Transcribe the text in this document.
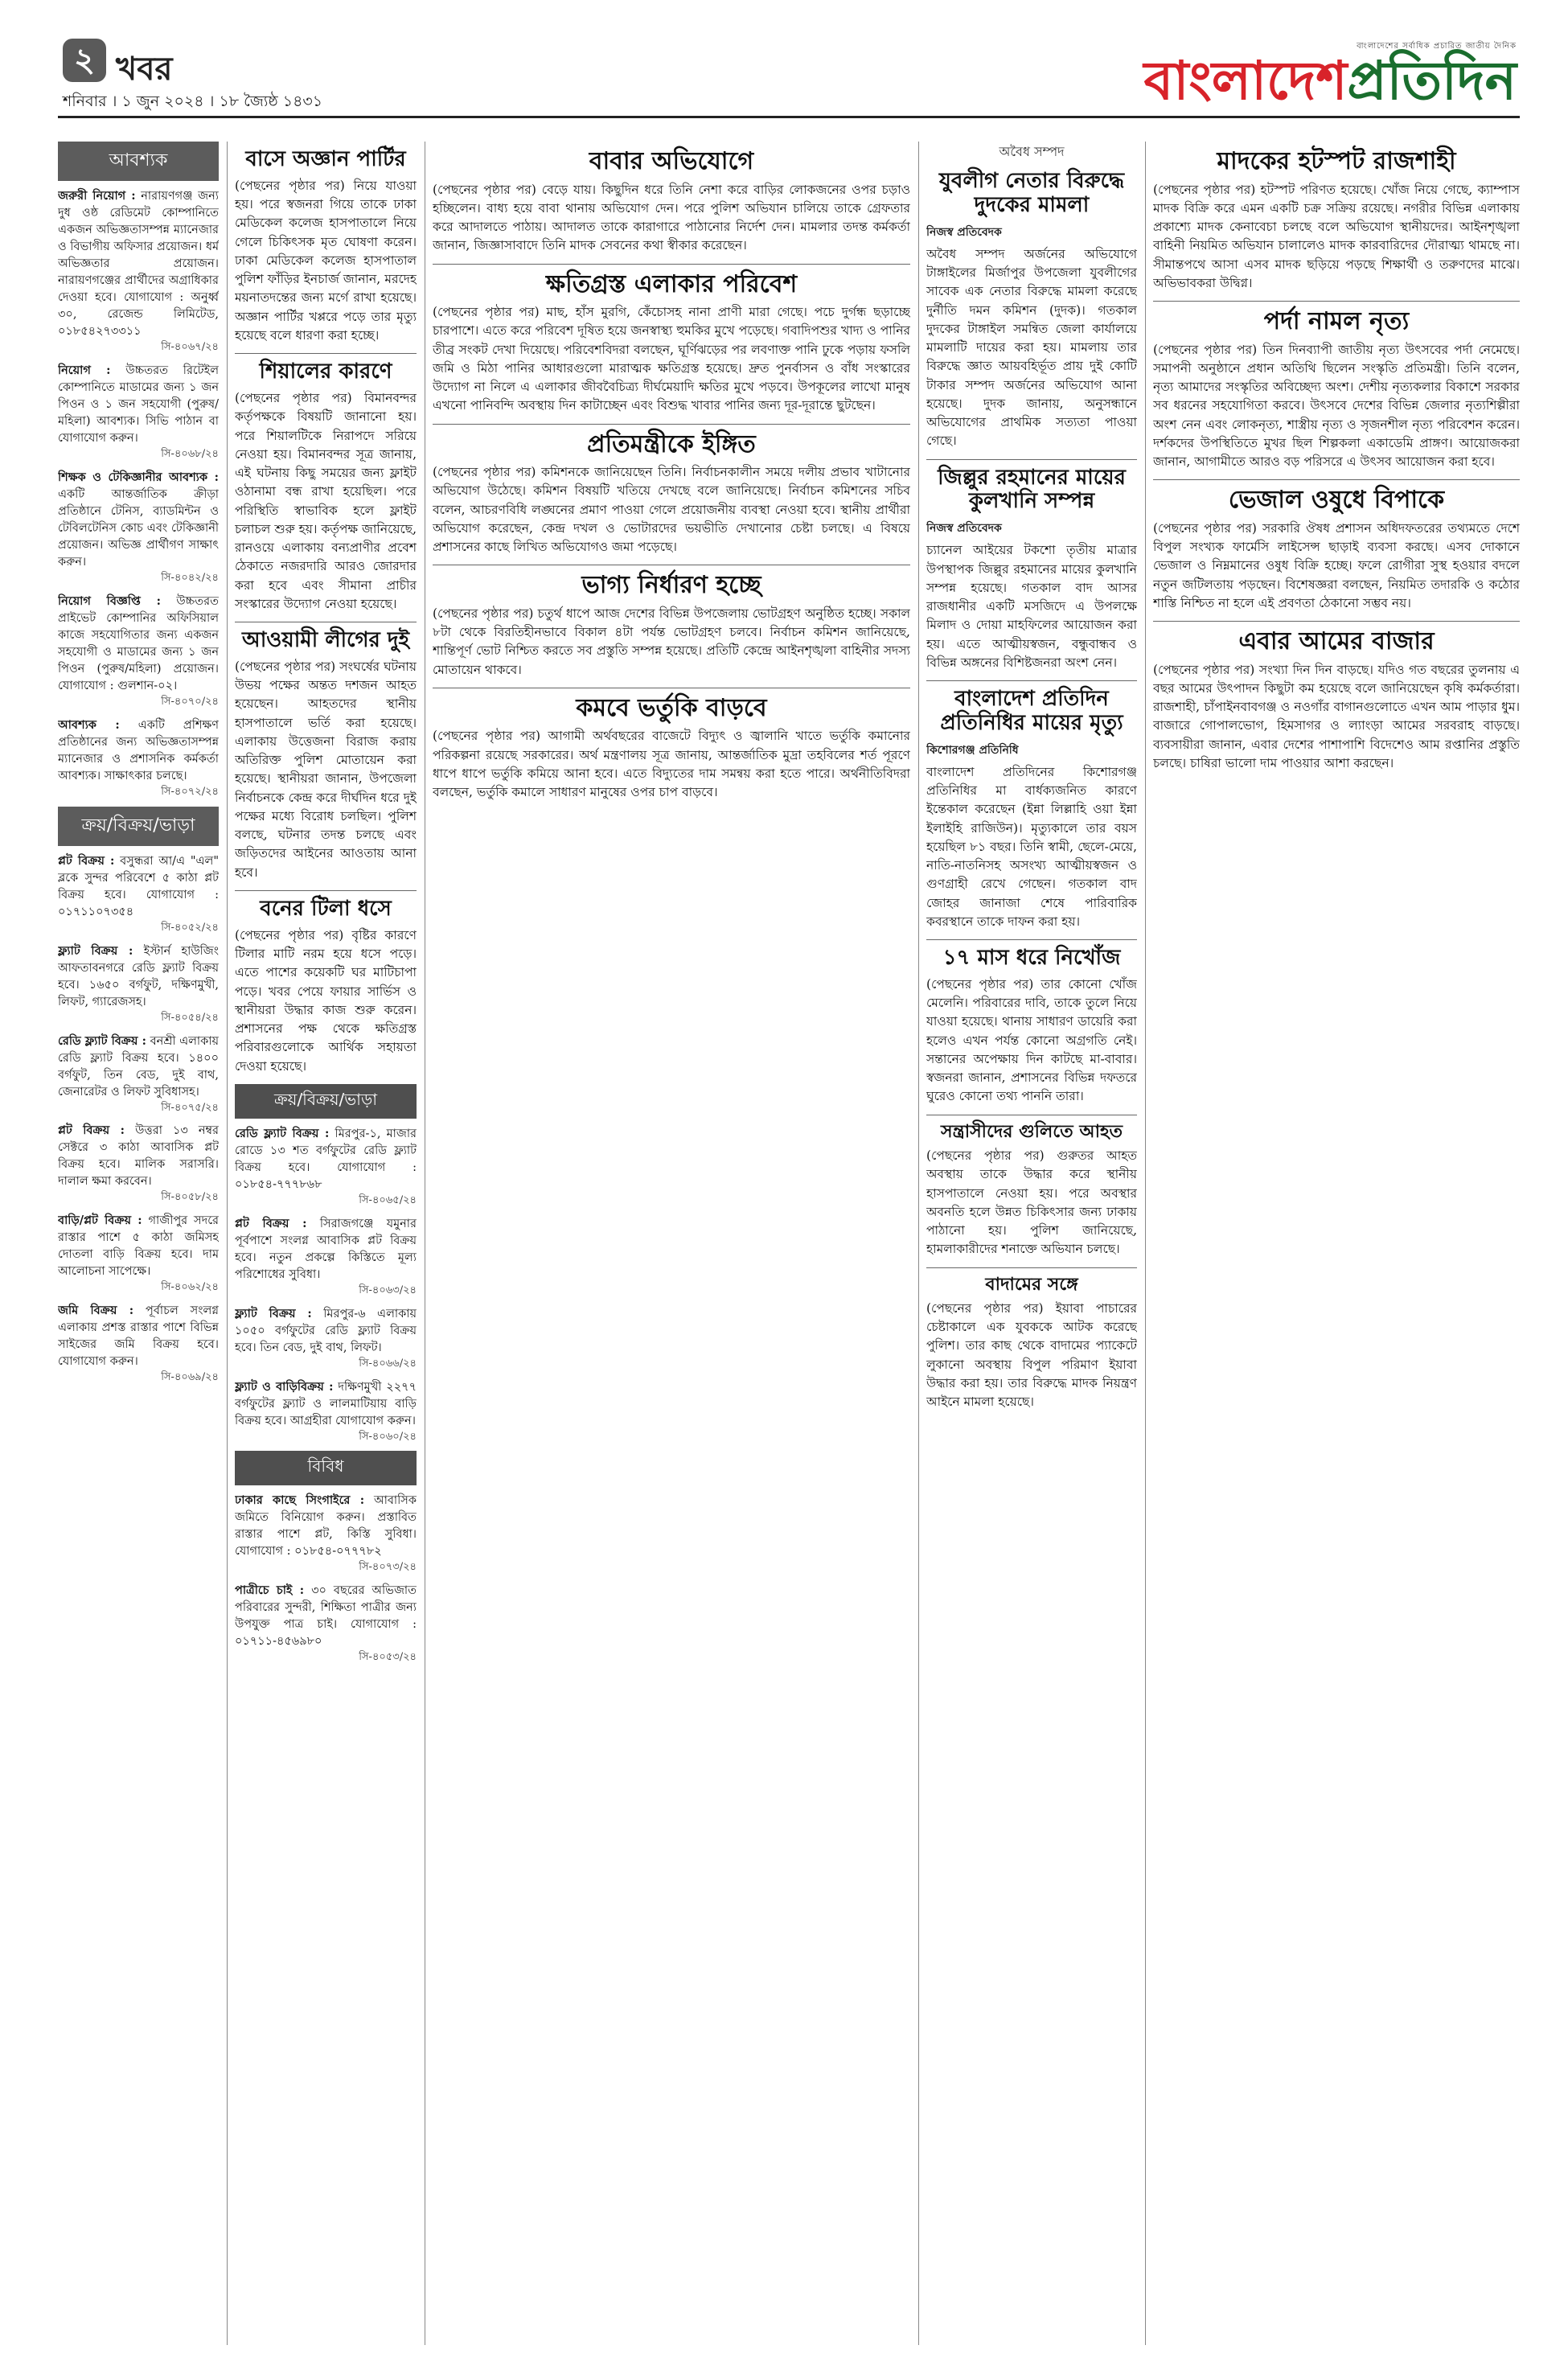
২ খবর
শনিবার । ১ জুন ২০২৪ । ১৮ জ্যৈষ্ঠ ১৪৩১
বাংলাদেশের সর্বাধিক প্রচারিত জাতীয় দৈনিক
বাংলাদেশপ্রতিদিন
আবশ্যক

জরুরী নিয়োগ : নারায়ণগঞ্জ জন্য দুধ ওষ্ঠ রেডিমেট কোম্পানিতে একজন অভিজ্ঞতাসম্পন্ন ম্যানেজার ও বিভাগীয় অফিসার প্রয়োজন। ধর্ম অভিজ্ঞতার প্রয়োজন। নারায়ণগঞ্জের প্রার্থীদের অগ্রাধিকার দেওয়া হবে। যোগাযোগ : অনুর্ধ্ব ৩০, রেজেন্ড লিমিটেড, ০১৮৫৪২৭৩৩১১
সি-৪০৬৭/২৪

নিয়োগ : উচ্চতরত রিটেইল কোম্পানিতে মাডামের জন্য ১ জন পিওন ও ১ জন সহযোগী (পুরুষ/মহিলা) আবশ্যক। সিভি পাঠান বা যোগাযোগ করুন।
সি-৪০৬৮/২৪

শিক্ষক ও টেকিজ্ঞানীর আবশ্যক : একটি আন্তর্জাতিক ক্রীড়া প্রতিষ্ঠানে টেনিস, ব্যাডমিন্টন ও টেবিলটেনিস কোচ এবং টেকিজ্ঞানী প্রয়োজন। অভিজ্ঞ প্রার্থীগণ সাক্ষাৎ করুন।
সি-৪০৪২/২৪

নিয়োগ বিজ্ঞপ্তি : উচ্চতরত প্রাইভেট কোম্পানির অফিসিয়াল কাজে সহযোগিতার জন্য একজন সহযোগী ও মাডামের জন্য ১ জন পিওন (পুরুষ/মহিলা) প্রয়োজন। যোগাযোগ : গুলশান-০২।
সি-৪০৭০/২৪

আবশ্যক : একটি প্রশিক্ষণ প্রতিষ্ঠানের জন্য অভিজ্ঞতাসম্পন্ন ম্যানেজার ও প্রশাসনিক কর্মকর্তা আবশ্যক। সাক্ষাৎকার চলছে।
সি-৪০৭২/২৪

ক্রয়/বিক্রয়/ভাড়া

প্লট বিক্রয় : বসুন্ধরা আ/এ "এল" ব্লকে সুন্দর পরিবেশে ৫ কাঠা প্লট বিক্রয় হবে। যোগাযোগ : ০১৭১১০৭৩৫৪
সি-৪০৫২/২৪

ফ্ল্যাট বিক্রয় : ইস্টার্ন হাউজিং আফতাবনগরে রেডি ফ্ল্যাট বিক্রয় হবে। ১৬৫০ বর্গফুট, দক্ষিণমুখী, লিফট, গ্যারেজসহ।
সি-৪০৫৪/২৪

রেডি ফ্ল্যাট বিক্রয় : বনশ্রী এলাকায় রেডি ফ্ল্যাট বিক্রয় হবে। ১৪০০ বর্গফুট, তিন বেড, দুই বাথ, জেনারেটর ও লিফট সুবিধাসহ।
সি-৪০৭৫/২৪

প্লট বিক্রয় : উত্তরা ১৩ নম্বর সেক্টরে ৩ কাঠা আবাসিক প্লট বিক্রয় হবে। মালিক সরাসরি। দালাল ক্ষমা করবেন।
সি-৪০৫৮/২৪

বাড়ি/প্লট বিক্রয় : গাজীপুর সদরে রাস্তার পাশে ৫ কাঠা জমিসহ দোতলা বাড়ি বিক্রয় হবে। দাম আলোচনা সাপেক্ষে।
সি-৪০৬২/২৪

জমি বিক্রয় : পূর্বাচল সংলগ্ন এলাকায় প্রশস্ত রাস্তার পাশে বিভিন্ন সাইজের জমি বিক্রয় হবে। যোগাযোগ করুন।
সি-৪০৬৯/২৪

বাসে অজ্ঞান পার্টির

(পেছনের পৃষ্ঠার পর) নিয়ে যাওয়া হয়। পরে স্বজনরা গিয়ে তাকে ঢাকা মেডিকেল কলেজ হাসপাতালে নিয়ে গেলে চিকিৎসক মৃত ঘোষণা করেন। ঢাকা মেডিকেল কলেজ হাসপাতাল পুলিশ ফাঁড়ির ইনচার্জ জানান, মরদেহ ময়নাতদন্তের জন্য মর্গে রাখা হয়েছে। অজ্ঞান পার্টির খপ্পরে পড়ে তার মৃত্যু হয়েছে বলে ধারণা করা হচ্ছে।

শিয়ালের কারণে

(পেছনের পৃষ্ঠার পর) বিমানবন্দর কর্তৃপক্ষকে বিষয়টি জানানো হয়। পরে শিয়ালটিকে নিরাপদে সরিয়ে নেওয়া হয়। বিমানবন্দর সূত্র জানায়, এই ঘটনায় কিছু সময়ের জন্য ফ্লাইট ওঠানামা বন্ধ রাখা হয়েছিল। পরে পরিস্থিতি স্বাভাবিক হলে ফ্লাইট চলাচল শুরু হয়। কর্তৃপক্ষ জানিয়েছে, রানওয়ে এলাকায় বন্যপ্রাণীর প্রবেশ ঠেকাতে নজরদারি আরও জোরদার করা হবে এবং সীমানা প্রাচীর সংস্কারের উদ্যোগ নেওয়া হয়েছে।

আওয়ামী লীগের দুই

(পেছনের পৃষ্ঠার পর) সংঘর্ষের ঘটনায় উভয় পক্ষের অন্তত দশজন আহত হয়েছেন। আহতদের স্থানীয় হাসপাতালে ভর্তি করা হয়েছে। এলাকায় উত্তেজনা বিরাজ করায় অতিরিক্ত পুলিশ মোতায়েন করা হয়েছে। স্থানীয়রা জানান, উপজেলা নির্বাচনকে কেন্দ্র করে দীর্ঘদিন ধরে দুই পক্ষের মধ্যে বিরোধ চলছিল। পুলিশ বলছে, ঘটনার তদন্ত চলছে এবং জড়িতদের আইনের আওতায় আনা হবে।

বনের টিলা ধসে

(পেছনের পৃষ্ঠার পর) বৃষ্টির কারণে টিলার মাটি নরম হয়ে ধসে পড়ে। এতে পাশের কয়েকটি ঘর মাটিচাপা পড়ে। খবর পেয়ে ফায়ার সার্ভিস ও স্থানীয়রা উদ্ধার কাজ শুরু করেন। প্রশাসনের পক্ষ থেকে ক্ষতিগ্রস্ত পরিবারগুলোকে আর্থিক সহায়তা দেওয়া হয়েছে।

ক্রয়/বিক্রয়/ভাড়া

রেডি ফ্ল্যাট বিক্রয় : মিরপুর-১, মাজার রোডে ১৩ শত বর্গফুটের রেডি ফ্ল্যাট বিক্রয় হবে। যোগাযোগ : ০১৮৫৪-৭৭৭৮৬৮
সি-৪০৬৫/২৪

প্লট বিক্রয় : সিরাজগঞ্জে যমুনার পূর্বপাশে সংলগ্ন আবাসিক প্লট বিক্রয় হবে। নতুন প্রকল্পে কিস্তিতে মূল্য পরিশোধের সুবিধা।
সি-৪০৬৩/২৪

ফ্ল্যাট বিক্রয় : মিরপুর-৬ এলাকায় ১০৫০ বর্গফুটের রেডি ফ্ল্যাট বিক্রয় হবে। তিন বেড, দুই বাথ, লিফট।
সি-৪০৬৬/২৪

ফ্ল্যাট ও বাড়িবিক্রয় : দক্ষিণমুখী ২২৭৭ বর্গফুটের ফ্ল্যাট ও লালমাটিয়ায় বাড়ি বিক্রয় হবে। আগ্রহীরা যোগাযোগ করুন।
সি-৪০৬০/২৪

বিবিধ

ঢাকার কাছে সিংগাইরে : আবাসিক জমিতে বিনিয়োগ করুন। প্রস্তাবিত রাস্তার পাশে প্লট, কিস্তি সুবিধা। যোগাযোগ : ০১৮৫৪-০৭৭৭৮২
সি-৪০৭৩/২৪

পাত্রীচে চাই : ৩০ বছরের অভিজাত পরিবারের সুন্দরী, শিক্ষিতা পাত্রীর জন্য উপযুক্ত পাত্র চাই। যোগাযোগ : ০১৭১১-৪৫৬৯৮০
সি-৪০৫৩/২৪

বাবার অভিযোগে

(পেছনের পৃষ্ঠার পর) বেড়ে যায়। কিছুদিন ধরে তিনি নেশা করে বাড়ির লোকজনের ওপর চড়াও হচ্ছিলেন। বাধ্য হয়ে বাবা থানায় অভিযোগ দেন। পরে পুলিশ অভিযান চালিয়ে তাকে গ্রেফতার করে আদালতে পাঠায়। আদালত তাকে কারাগারে পাঠানোর নির্দেশ দেন। মামলার তদন্ত কর্মকর্তা জানান, জিজ্ঞাসাবাদে তিনি মাদক সেবনের কথা স্বীকার করেছেন।

ক্ষতিগ্রস্ত এলাকার পরিবেশ

(পেছনের পৃষ্ঠার পর) মাছ, হাঁস মুরগি, কেঁচোসহ নানা প্রাণী মারা গেছে। পচে দুর্গন্ধ ছড়াচ্ছে চারপাশে। এতে করে পরিবেশ দূষিত হয়ে জনস্বাস্থ্য হুমকির মুখে পড়েছে। গবাদিপশুর খাদ্য ও পানির তীব্র সংকট দেখা দিয়েছে। পরিবেশবিদরা বলছেন, ঘূর্ণিঝড়ের পর লবণাক্ত পানি ঢুকে পড়ায় ফসলি জমি ও মিঠা পানির আধারগুলো মারাত্মক ক্ষতিগ্রস্ত হয়েছে। দ্রুত পুনর্বাসন ও বাঁধ সংস্কারের উদ্যোগ না নিলে এ এলাকার জীববৈচিত্র্য দীর্ঘমেয়াদি ক্ষতির মুখে পড়বে। উপকূলের লাখো মানুষ এখনো পানিবন্দি অবস্থায় দিন কাটাচ্ছেন এবং বিশুদ্ধ খাবার পানির জন্য দূর-দূরান্তে ছুটছেন।

প্রতিমন্ত্রীকে ইঙ্গিত

(পেছনের পৃষ্ঠার পর) কমিশনকে জানিয়েছেন তিনি। নির্বাচনকালীন সময়ে দলীয় প্রভাব খাটানোর অভিযোগ উঠেছে। কমিশন বিষয়টি খতিয়ে দেখছে বলে জানিয়েছে। নির্বাচন কমিশনের সচিব বলেন, আচরণবিধি লঙ্ঘনের প্রমাণ পাওয়া গেলে প্রয়োজনীয় ব্যবস্থা নেওয়া হবে। স্থানীয় প্রার্থীরা অভিযোগ করেছেন, কেন্দ্র দখল ও ভোটারদের ভয়ভীতি দেখানোর চেষ্টা চলছে। এ বিষয়ে প্রশাসনের কাছে লিখিত অভিযোগও জমা পড়েছে।

ভাগ্য নির্ধারণ হচ্ছে

(পেছনের পৃষ্ঠার পর) চতুর্থ ধাপে আজ দেশের বিভিন্ন উপজেলায় ভোটগ্রহণ অনুষ্ঠিত হচ্ছে। সকাল ৮টা থেকে বিরতিহীনভাবে বিকাল ৪টা পর্যন্ত ভোটগ্রহণ চলবে। নির্বাচন কমিশন জানিয়েছে, শান্তিপূর্ণ ভোট নিশ্চিত করতে সব প্রস্তুতি সম্পন্ন হয়েছে। প্রতিটি কেন্দ্রে আইনশৃঙ্খলা বাহিনীর সদস্য মোতায়েন থাকবে।

কমবে ভর্তুকি বাড়বে

(পেছনের পৃষ্ঠার পর) আগামী অর্থবছরের বাজেটে বিদ্যুৎ ও জ্বালানি খাতে ভর্তুকি কমানোর পরিকল্পনা রয়েছে সরকারের। অর্থ মন্ত্রণালয় সূত্র জানায়, আন্তর্জাতিক মুদ্রা তহবিলের শর্ত পূরণে ধাপে ধাপে ভর্তুকি কমিয়ে আনা হবে। এতে বিদ্যুতের দাম সমন্বয় করা হতে পারে। অর্থনীতিবিদরা বলছেন, ভর্তুকি কমালে সাধারণ মানুষের ওপর চাপ বাড়বে।

অবৈধ সম্পদ
যুবলীগ নেতার বিরুদ্ধে দুদকের মামলা
নিজস্ব প্রতিবেদক

অবৈধ সম্পদ অর্জনের অভিযোগে টাঙ্গাইলের মির্জাপুর উপজেলা যুবলীগের সাবেক এক নেতার বিরুদ্ধে মামলা করেছে দুর্নীতি দমন কমিশন (দুদক)। গতকাল দুদকের টাঙ্গাইল সমন্বিত জেলা কার্যালয়ে মামলাটি দায়ের করা হয়। মামলায় তার বিরুদ্ধে জ্ঞাত আয়বহির্ভূত প্রায় দুই কোটি টাকার সম্পদ অর্জনের অভিযোগ আনা হয়েছে। দুদক জানায়, অনুসন্ধানে অভিযোগের প্রাথমিক সত্যতা পাওয়া গেছে।

জিল্লুর রহমানের মায়ের কুলখানি সম্পন্ন
নিজস্ব প্রতিবেদক

চ্যানেল আইয়ের টকশো তৃতীয় মাত্রার উপস্থাপক জিল্লুর রহমানের মায়ের কুলখানি সম্পন্ন হয়েছে। গতকাল বাদ আসর রাজধানীর একটি মসজিদে এ উপলক্ষে মিলাদ ও দোয়া মাহফিলের আয়োজন করা হয়। এতে আত্মীয়স্বজন, বন্ধুবান্ধব ও বিভিন্ন অঙ্গনের বিশিষ্টজনরা অংশ নেন।

বাংলাদেশ প্রতিদিন প্রতিনিধির মায়ের মৃত্যু
কিশোরগঞ্জ প্রতিনিধি

বাংলাদেশ প্রতিদিনের কিশোরগঞ্জ প্রতিনিধির মা বার্ধক্যজনিত কারণে ইন্তেকাল করেছেন (ইন্না লিল্লাহি ওয়া ইন্না ইলাইহি রাজিউন)। মৃত্যুকালে তার বয়স হয়েছিল ৮১ বছর। তিনি স্বামী, ছেলে-মেয়ে, নাতি-নাতনিসহ অসংখ্য আত্মীয়স্বজন ও গুণগ্রাহী রেখে গেছেন। গতকাল বাদ জোহর জানাজা শেষে পারিবারিক কবরস্থানে তাকে দাফন করা হয়।

১৭ মাস ধরে নিখোঁজ

(পেছনের পৃষ্ঠার পর) তার কোনো খোঁজ মেলেনি। পরিবারের দাবি, তাকে তুলে নিয়ে যাওয়া হয়েছে। থানায় সাধারণ ডায়েরি করা হলেও এখন পর্যন্ত কোনো অগ্রগতি নেই। সন্তানের অপেক্ষায় দিন কাটছে মা-বাবার। স্বজনরা জানান, প্রশাসনের বিভিন্ন দফতরে ঘুরেও কোনো তথ্য পাননি তারা।

সন্ত্রাসীদের গুলিতে আহত

(পেছনের পৃষ্ঠার পর) গুরুতর আহত অবস্থায় তাকে উদ্ধার করে স্থানীয় হাসপাতালে নেওয়া হয়। পরে অবস্থার অবনতি হলে উন্নত চিকিৎসার জন্য ঢাকায় পাঠানো হয়। পুলিশ জানিয়েছে, হামলাকারীদের শনাক্তে অভিযান চলছে।

বাদামের সঙ্গে

(পেছনের পৃষ্ঠার পর) ইয়াবা পাচারের চেষ্টাকালে এক যুবককে আটক করেছে পুলিশ। তার কাছ থেকে বাদামের প্যাকেটে লুকানো অবস্থায় বিপুল পরিমাণ ইয়াবা উদ্ধার করা হয়। তার বিরুদ্ধে মাদক নিয়ন্ত্রণ আইনে মামলা হয়েছে।

মাদকের হটস্পট রাজশাহী

(পেছনের পৃষ্ঠার পর) হটস্পট পরিণত হয়েছে। খোঁজ নিয়ে গেছে, ক্যাম্পাস মাদক বিক্রি করে এমন একটি চক্র সক্রিয় রয়েছে। নগরীর বিভিন্ন এলাকায় প্রকাশ্যে মাদক কেনাবেচা চলছে বলে অভিযোগ স্থানীয়দের। আইনশৃঙ্খলা বাহিনী নিয়মিত অভিযান চালালেও মাদক কারবারিদের দৌরাত্ম্য থামছে না। সীমান্তপথে আসা এসব মাদক ছড়িয়ে পড়ছে শিক্ষার্থী ও তরুণদের মাঝে। অভিভাবকরা উদ্বিগ্ন।

পর্দা নামল নৃত্য

(পেছনের পৃষ্ঠার পর) তিন দিনব্যাপী জাতীয় নৃত্য উৎসবের পর্দা নেমেছে। সমাপনী অনুষ্ঠানে প্রধান অতিথি ছিলেন সংস্কৃতি প্রতিমন্ত্রী। তিনি বলেন, নৃত্য আমাদের সংস্কৃতির অবিচ্ছেদ্য অংশ। দেশীয় নৃত্যকলার বিকাশে সরকার সব ধরনের সহযোগিতা করবে। উৎসবে দেশের বিভিন্ন জেলার নৃত্যশিল্পীরা অংশ নেন এবং লোকনৃত্য, শাস্ত্রীয় নৃত্য ও সৃজনশীল নৃত্য পরিবেশন করেন। দর্শকদের উপস্থিতিতে মুখর ছিল শিল্পকলা একাডেমি প্রাঙ্গণ। আয়োজকরা জানান, আগামীতে আরও বড় পরিসরে এ উৎসব আয়োজন করা হবে।

ভেজাল ওষুধে বিপাকে

(পেছনের পৃষ্ঠার পর) সরকারি ঔষধ প্রশাসন অধিদফতরের তথ্যমতে দেশে বিপুল সংখ্যক ফার্মেসি লাইসেন্স ছাড়াই ব্যবসা করছে। এসব দোকানে ভেজাল ও নিম্নমানের ওষুধ বিক্রি হচ্ছে। ফলে রোগীরা সুস্থ হওয়ার বদলে নতুন জটিলতায় পড়ছেন। বিশেষজ্ঞরা বলছেন, নিয়মিত তদারকি ও কঠোর শাস্তি নিশ্চিত না হলে এই প্রবণতা ঠেকানো সম্ভব নয়।

এবার আমের বাজার

(পেছনের পৃষ্ঠার পর) সংখ্যা দিন দিন বাড়ছে। যদিও গত বছরের তুলনায় এ বছর আমের উৎপাদন কিছুটা কম হয়েছে বলে জানিয়েছেন কৃষি কর্মকর্তারা। রাজশাহী, চাঁপাইনবাবগঞ্জ ও নওগাঁর বাগানগুলোতে এখন আম পাড়ার ধুম। বাজারে গোপালভোগ, হিমসাগর ও ল্যাংড়া আমের সরবরাহ বাড়ছে। ব্যবসায়ীরা জানান, এবার দেশের পাশাপাশি বিদেশেও আম রপ্তানির প্রস্তুতি চলছে। চাষিরা ভালো দাম পাওয়ার আশা করছেন।
